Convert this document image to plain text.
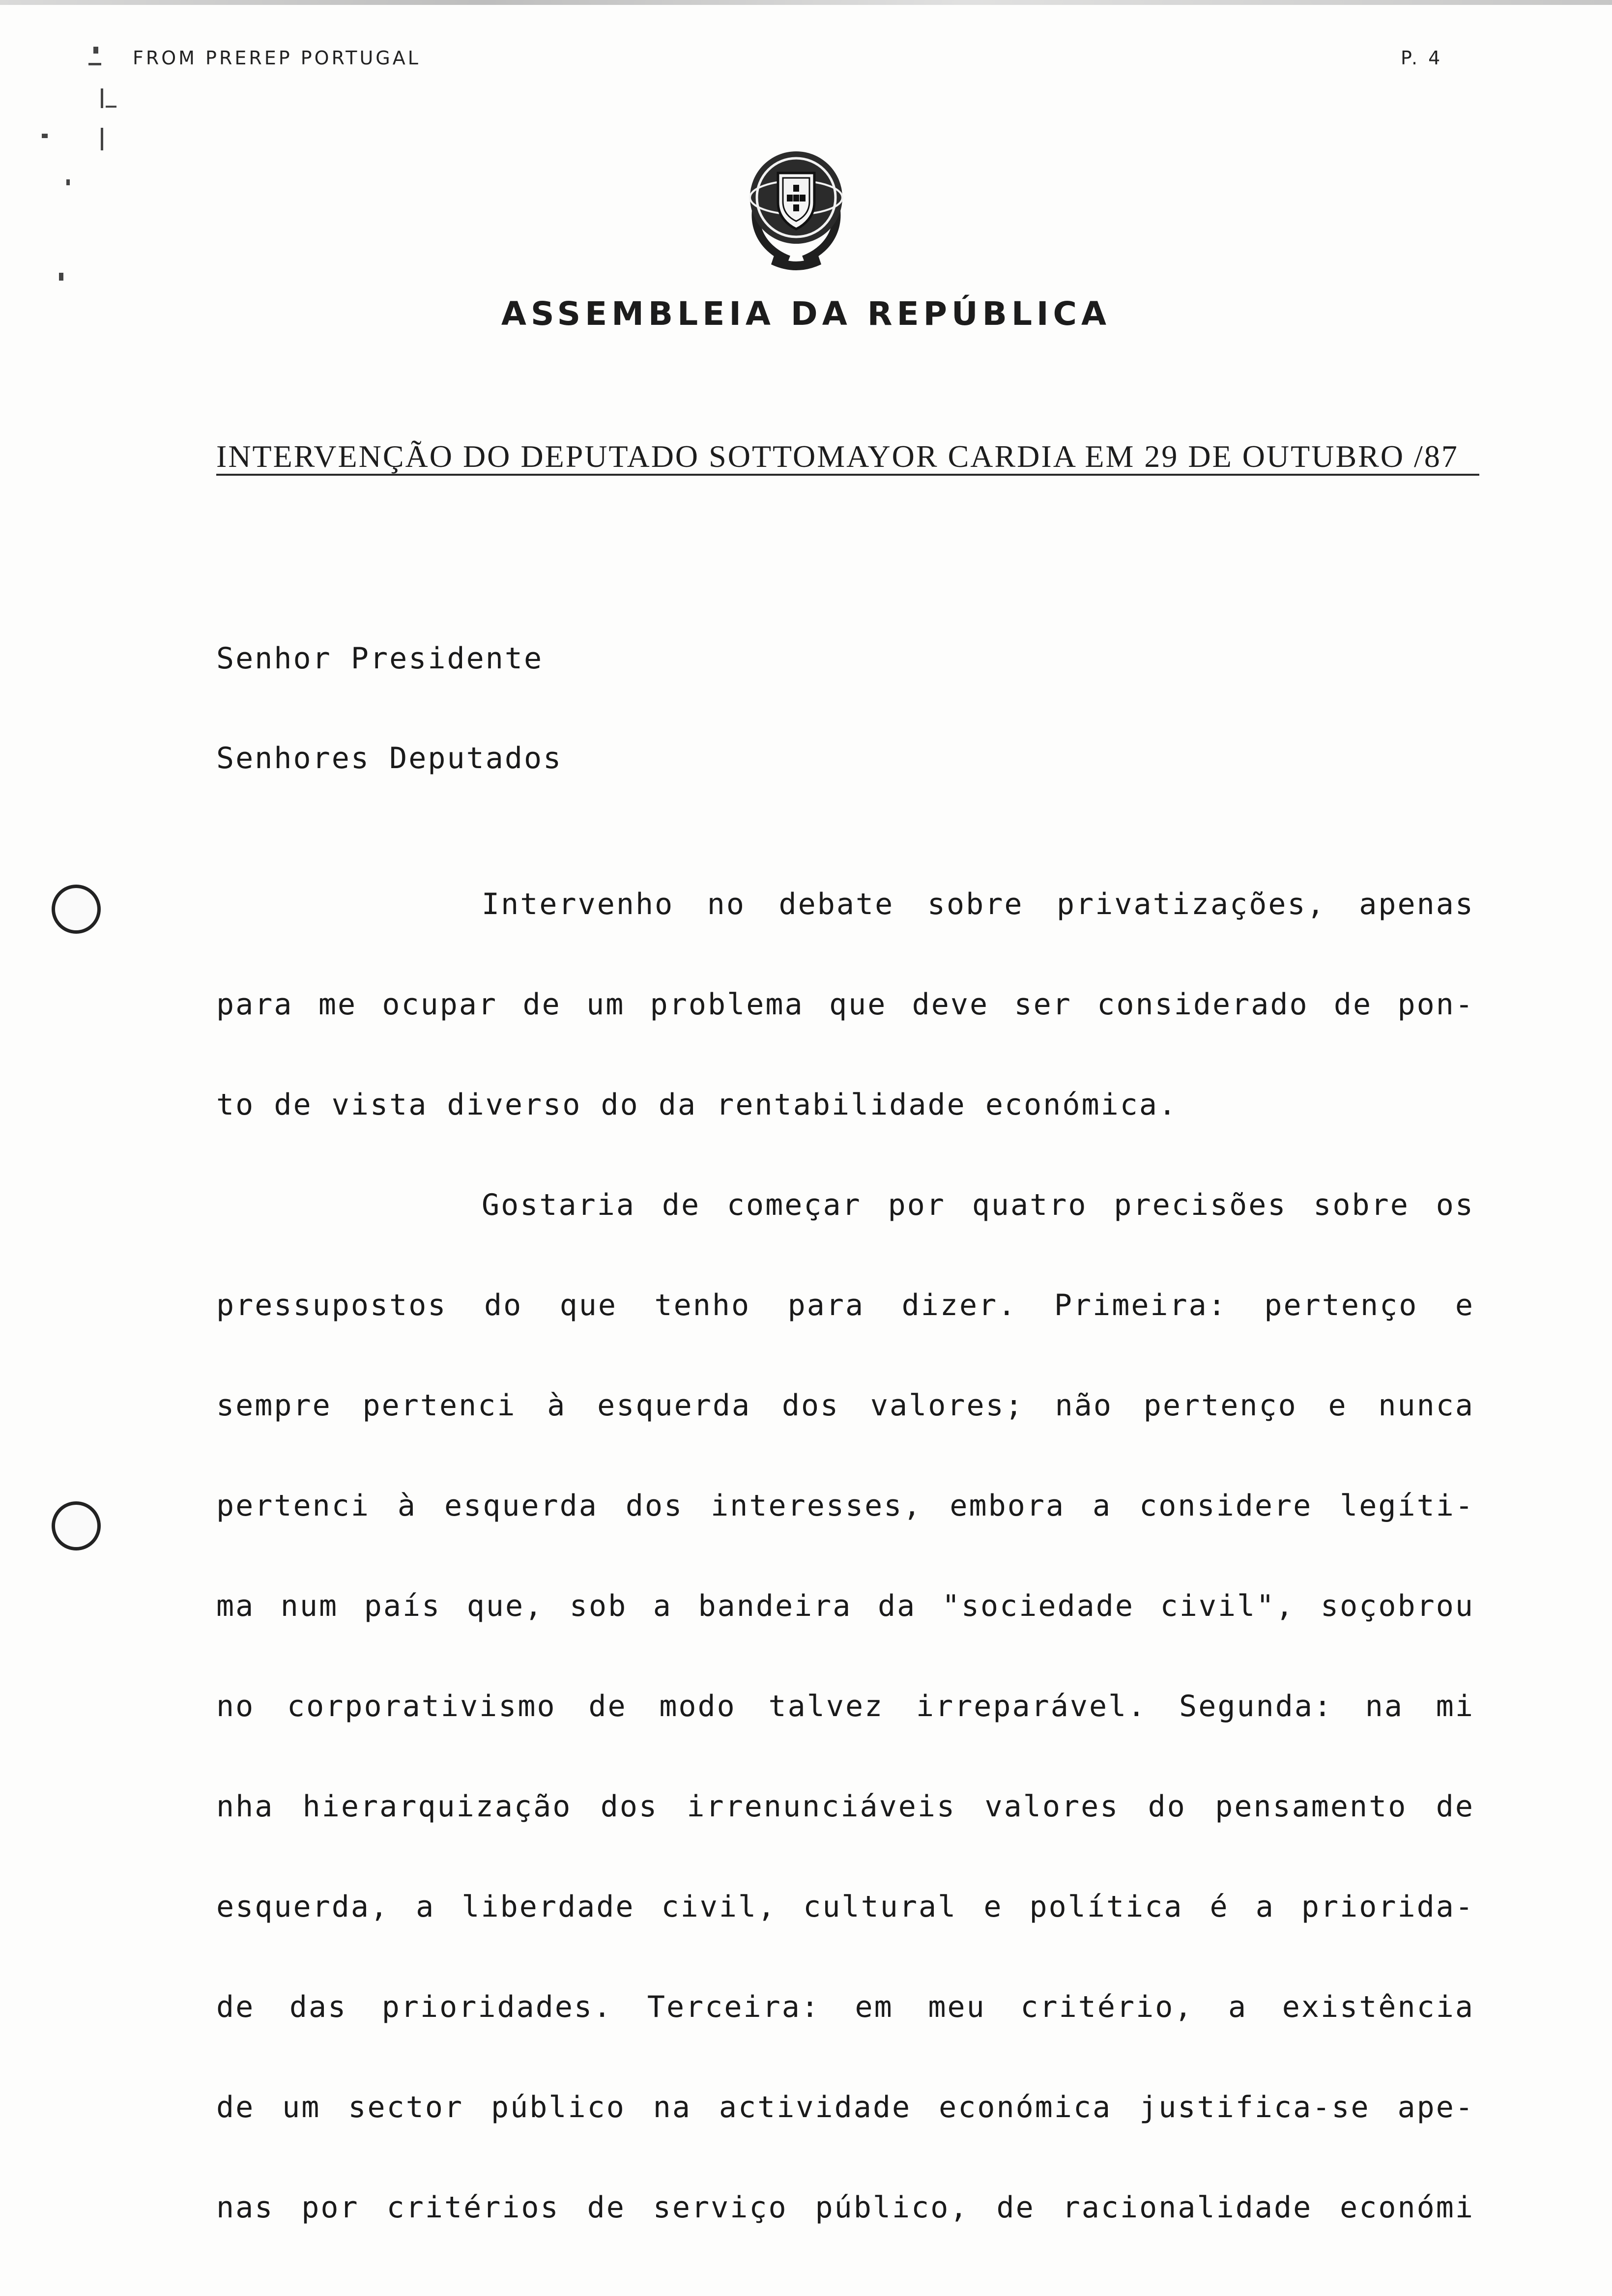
FROM PREREP PORTUGAL	P. 4
ASSEMBLEIA DA REPÚBLICA
INTERVENÇÃO DO DEPUTADO SOTTOMAYOR CARDIA EM 29 DE OUTUBRO /87
Senhor Presidente
Senhores Deputados
Intervenho no debate sobre privatizações, apenas
para me ocupar de um problema que deve ser considerado de pon-
to de vista diverso do da rentabilidade económica.
Gostaria de começar por quatro precisões sobre os
pressupostos do que tenho para dizer. Primeira: pertenço e
sempre pertenci à esquerda dos valores; não pertenço e nunca
pertenci à esquerda dos interesses, embora a considere legíti-
ma num país que, sob a bandeira da "sociedade civil", soçobrou
no corporativismo de modo talvez irreparável. Segunda: na mi
nha hierarquização dos irrenunciáveis valores do pensamento de
esquerda, a liberdade civil, cultural e política é a priorida-
de das prioridades. Terceira: em meu critério, a existência
de um sector público na actividade económica justifica-se ape-
nas por critérios de serviço público, de racionalidade económi
